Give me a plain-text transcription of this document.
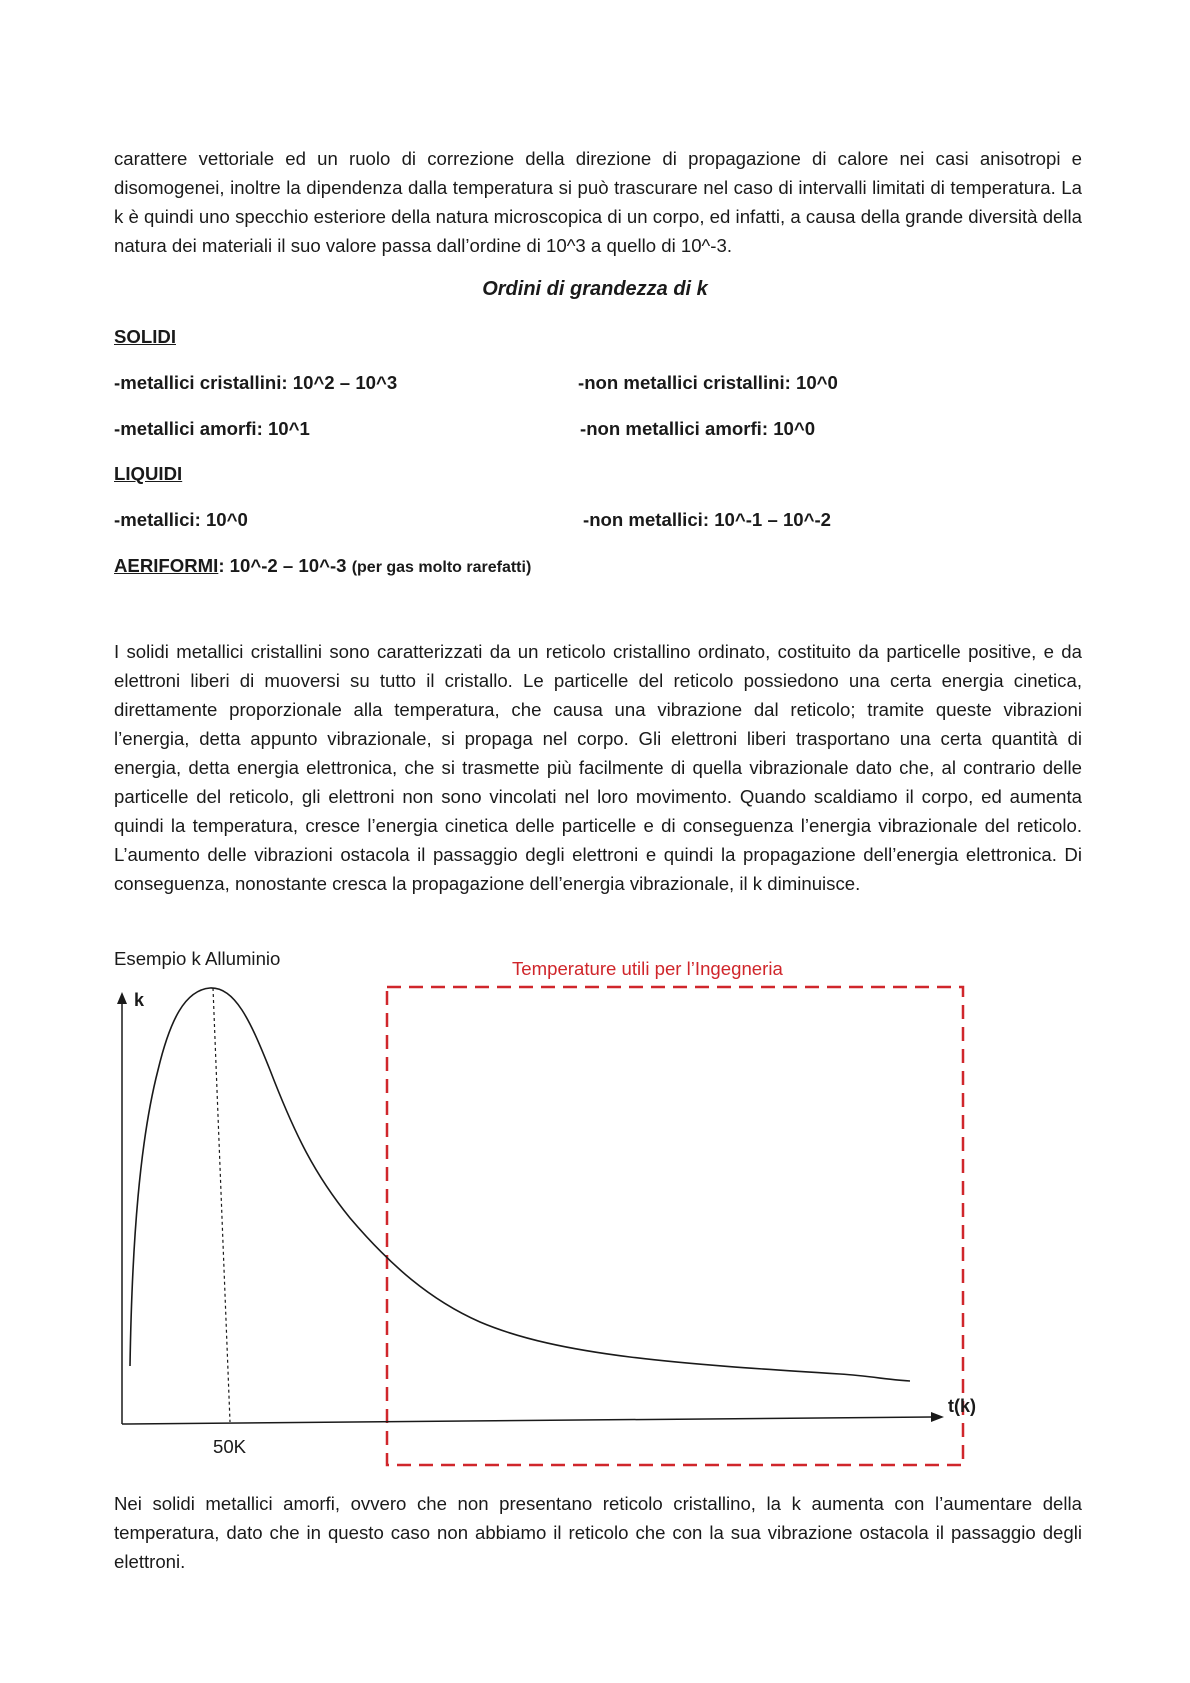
carattere vettoriale ed un ruolo di correzione della direzione di propagazione di calore nei casi anisotropi e disomogenei, inoltre la dipendenza dalla temperatura si può trascurare nel caso di intervalli limitati di temperatura. La k è quindi uno specchio esteriore della natura microscopica di un corpo, ed infatti, a causa della grande diversità della natura dei materiali il suo valore passa dall’ordine di 10^3 a quello di 10^-3.

Ordini di grandezza di k

SOLIDI

-metallici cristallini: 10^2 – 10^3	-non metallici cristallini: 10^0

-metallici amorfi: 10^1	-non metallici amorfi: 10^0

LIQUIDI

-metallici: 10^0	-non metallici: 10^-1 – 10^-2

AERIFORMI: 10^-2 – 10^-3 (per gas molto rarefatti)

I solidi metallici cristallini sono caratterizzati da un reticolo cristallino ordinato, costituito da particelle positive, e da elettroni liberi di muoversi su tutto il cristallo. Le particelle del reticolo possiedono una certa energia cinetica, direttamente proporzionale alla temperatura, che causa una vibrazione dal reticolo; tramite queste vibrazioni l’energia, detta appunto vibrazionale, si propaga nel corpo. Gli elettroni liberi trasportano una certa quantità di energia, detta energia elettronica, che si trasmette più facilmente di quella vibrazionale dato che, al contrario delle particelle del reticolo, gli elettroni non sono vincolati nel loro movimento. Quando scaldiamo il corpo, ed aumenta quindi la temperatura, cresce l’energia cinetica delle particelle e di conseguenza l’energia vibrazionale del reticolo. L’aumento delle vibrazioni ostacola il passaggio degli elettroni e quindi la propagazione dell’energia elettronica. Di conseguenza, nonostante cresca la propagazione dell’energia vibrazionale, il k diminuisce.

Esempio k Alluminio	Temperature utili per l’Ingegneria

k

t(k)

50K

Nei solidi metallici amorfi, ovvero che non presentano reticolo cristallino, la k aumenta con l’aumentare della temperatura, dato che in questo caso non abbiamo il reticolo che con la sua vibrazione ostacola il passaggio degli elettroni.
